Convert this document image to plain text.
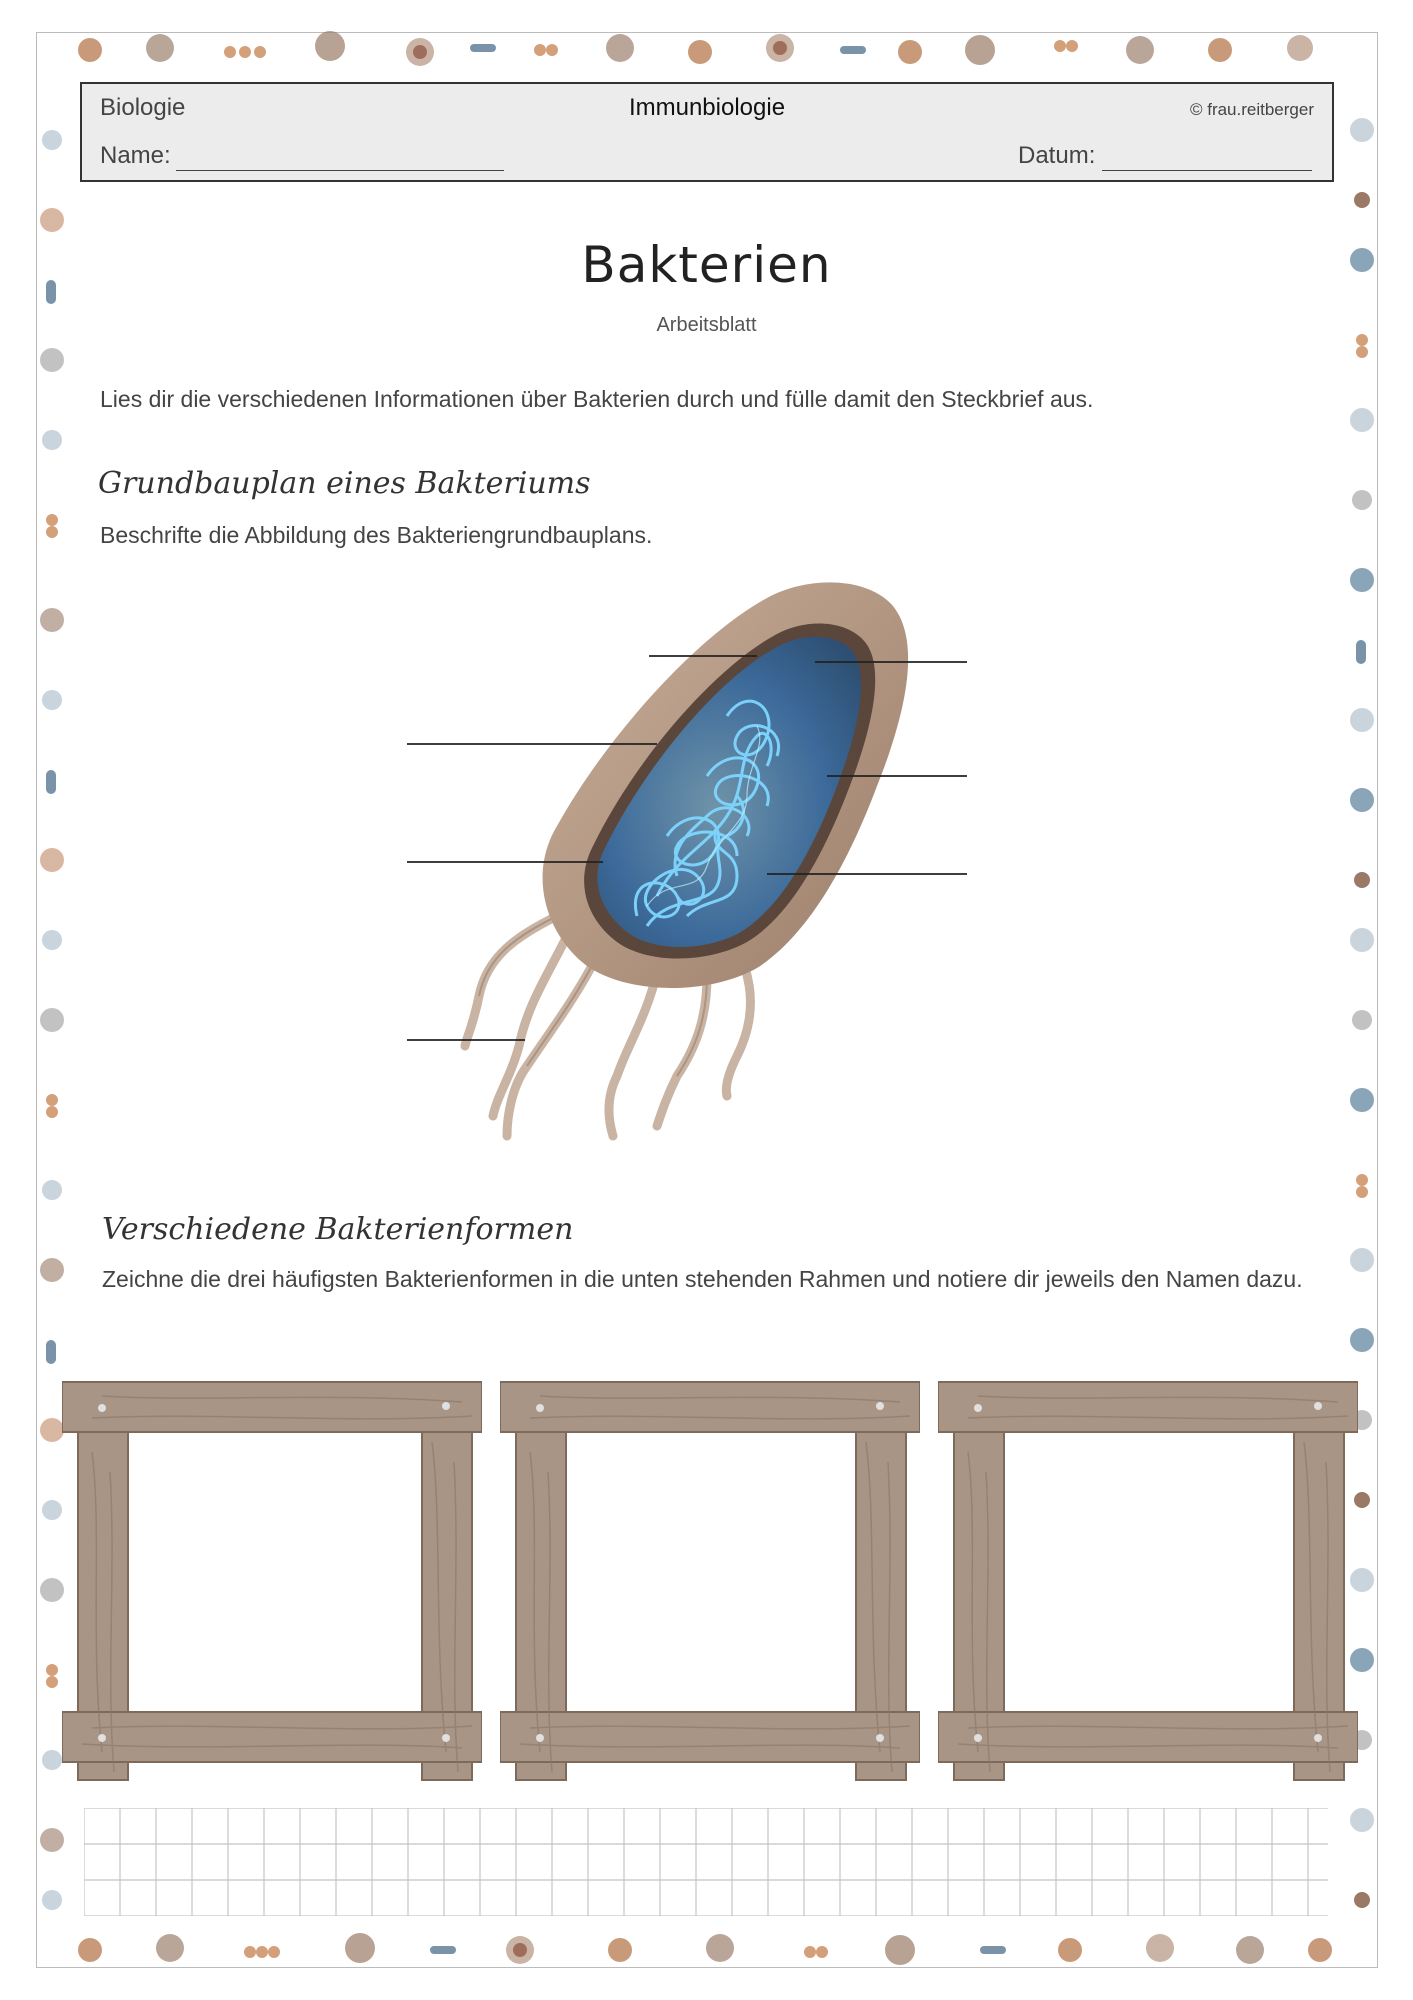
Biologie	Immunbiologie	© frau.reitberger
Name:	Datum:
Bakterien
Arbeitsblatt
Lies dir die verschiedenen Informationen über Bakterien durch und fülle damit den Steckbrief aus.
Grundbauplan eines Bakteriums
Beschrifte die Abbildung des Bakteriengrundbauplans.
Verschiedene Bakterienformen
Zeichne die drei häufigsten Bakterienformen in die unten stehenden Rahmen und notiere dir jeweils den Namen dazu.
